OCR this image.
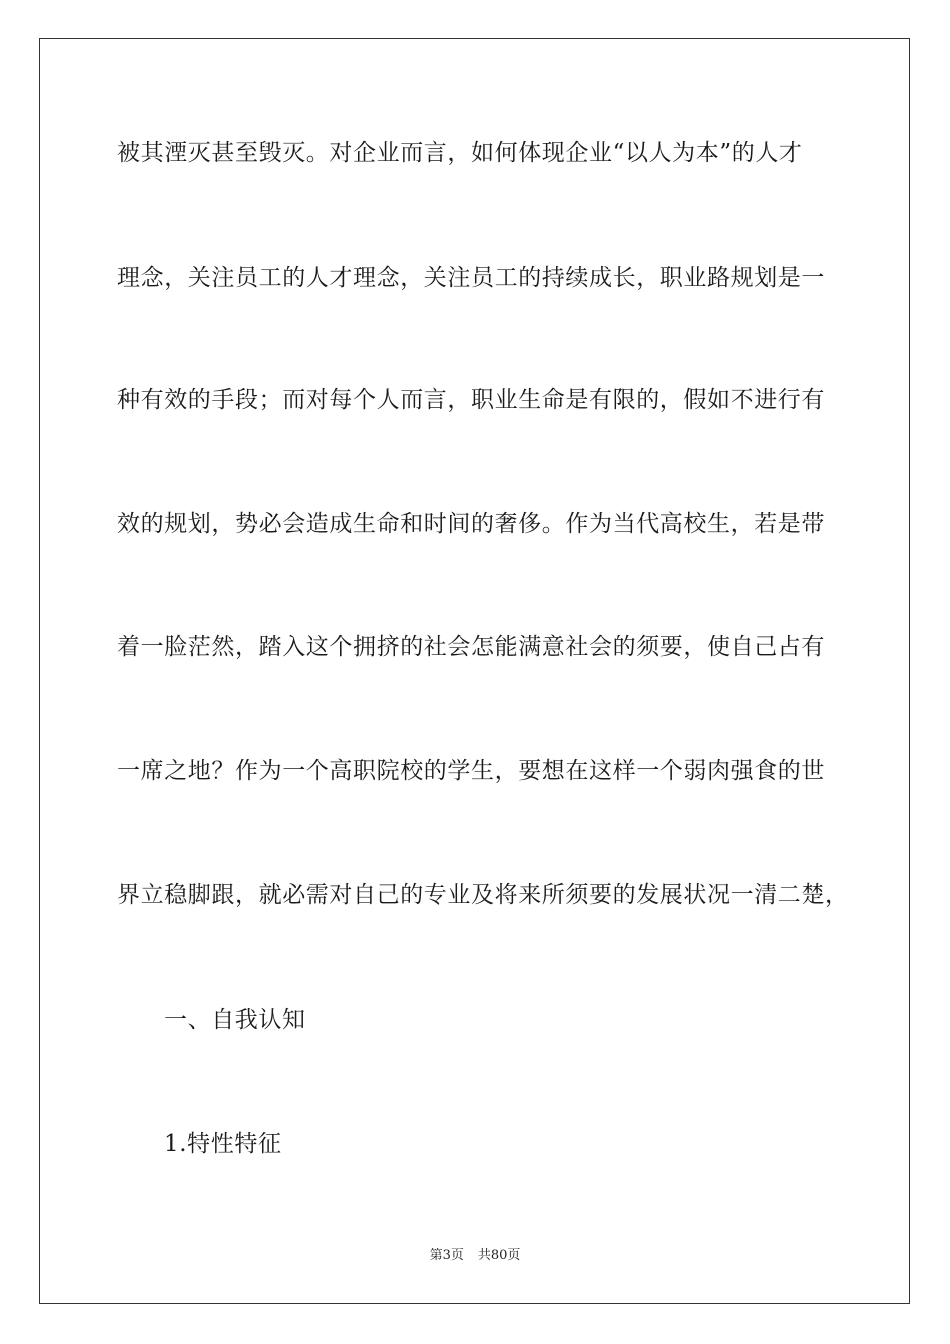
被其湮灭甚至毁灭。对企业而言，如何体现企业“以人为本”的人才
理念，关注员工的人才理念，关注员工的持续成长，职业路规划是一
种有效的手段；而对每个人而言，职业生命是有限的，假如不进行有
效的规划，势必会造成生命和时间的奢侈。作为当代高校生，若是带
着一脸茫然，踏入这个拥挤的社会怎能满意社会的须要，使自己占有
一席之地？作为一个高职院校的学生，要想在这样一个弱肉强食的世
界立稳脚跟，就必需对自己的专业及将来所须要的发展状况一清二楚，
一、自我认知
1.特性特征
第3页 共80页
